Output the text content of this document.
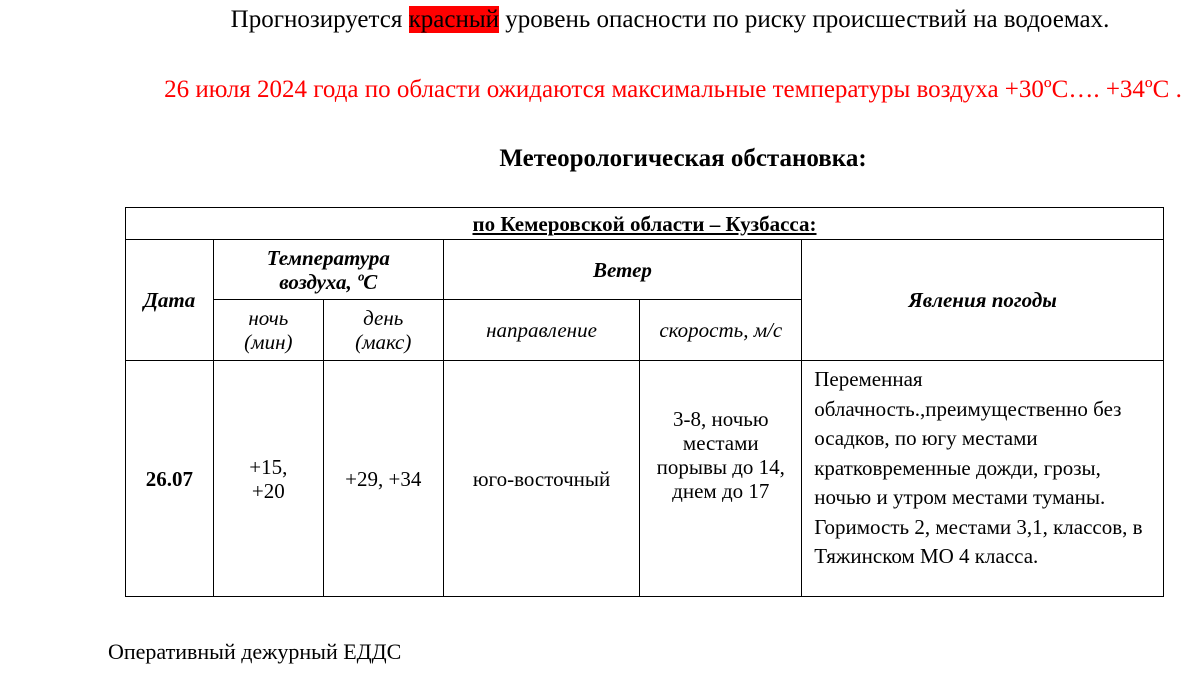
Прогнозируется красный уровень опасности по риску происшествий на водоемах.
26 июля 2024 года по области ожидаются максимальные температуры воздуха +30ºС…. +34ºС .
Метеорологическая обстановка:
по Кемеровской области – Кузбасса:					
Дата	Температура воздуха, ºС		Ветер		Явления погоды
	ночь (мин)	день (макс)	направление	скорость, м/с	
26.07	+15, +20	+29, +34	юго-восточный	3-8, ночью местами порывы до 14, днем до 17	Переменная облачность.,преимущественно без осадков, по югу местами кратковременные дожди, грозы, ночью и утром местами туманы. Горимость 2, местами 3,1, классов, в Тяжинском МО 4 класса.
Оперативный дежурный ЕДДС
